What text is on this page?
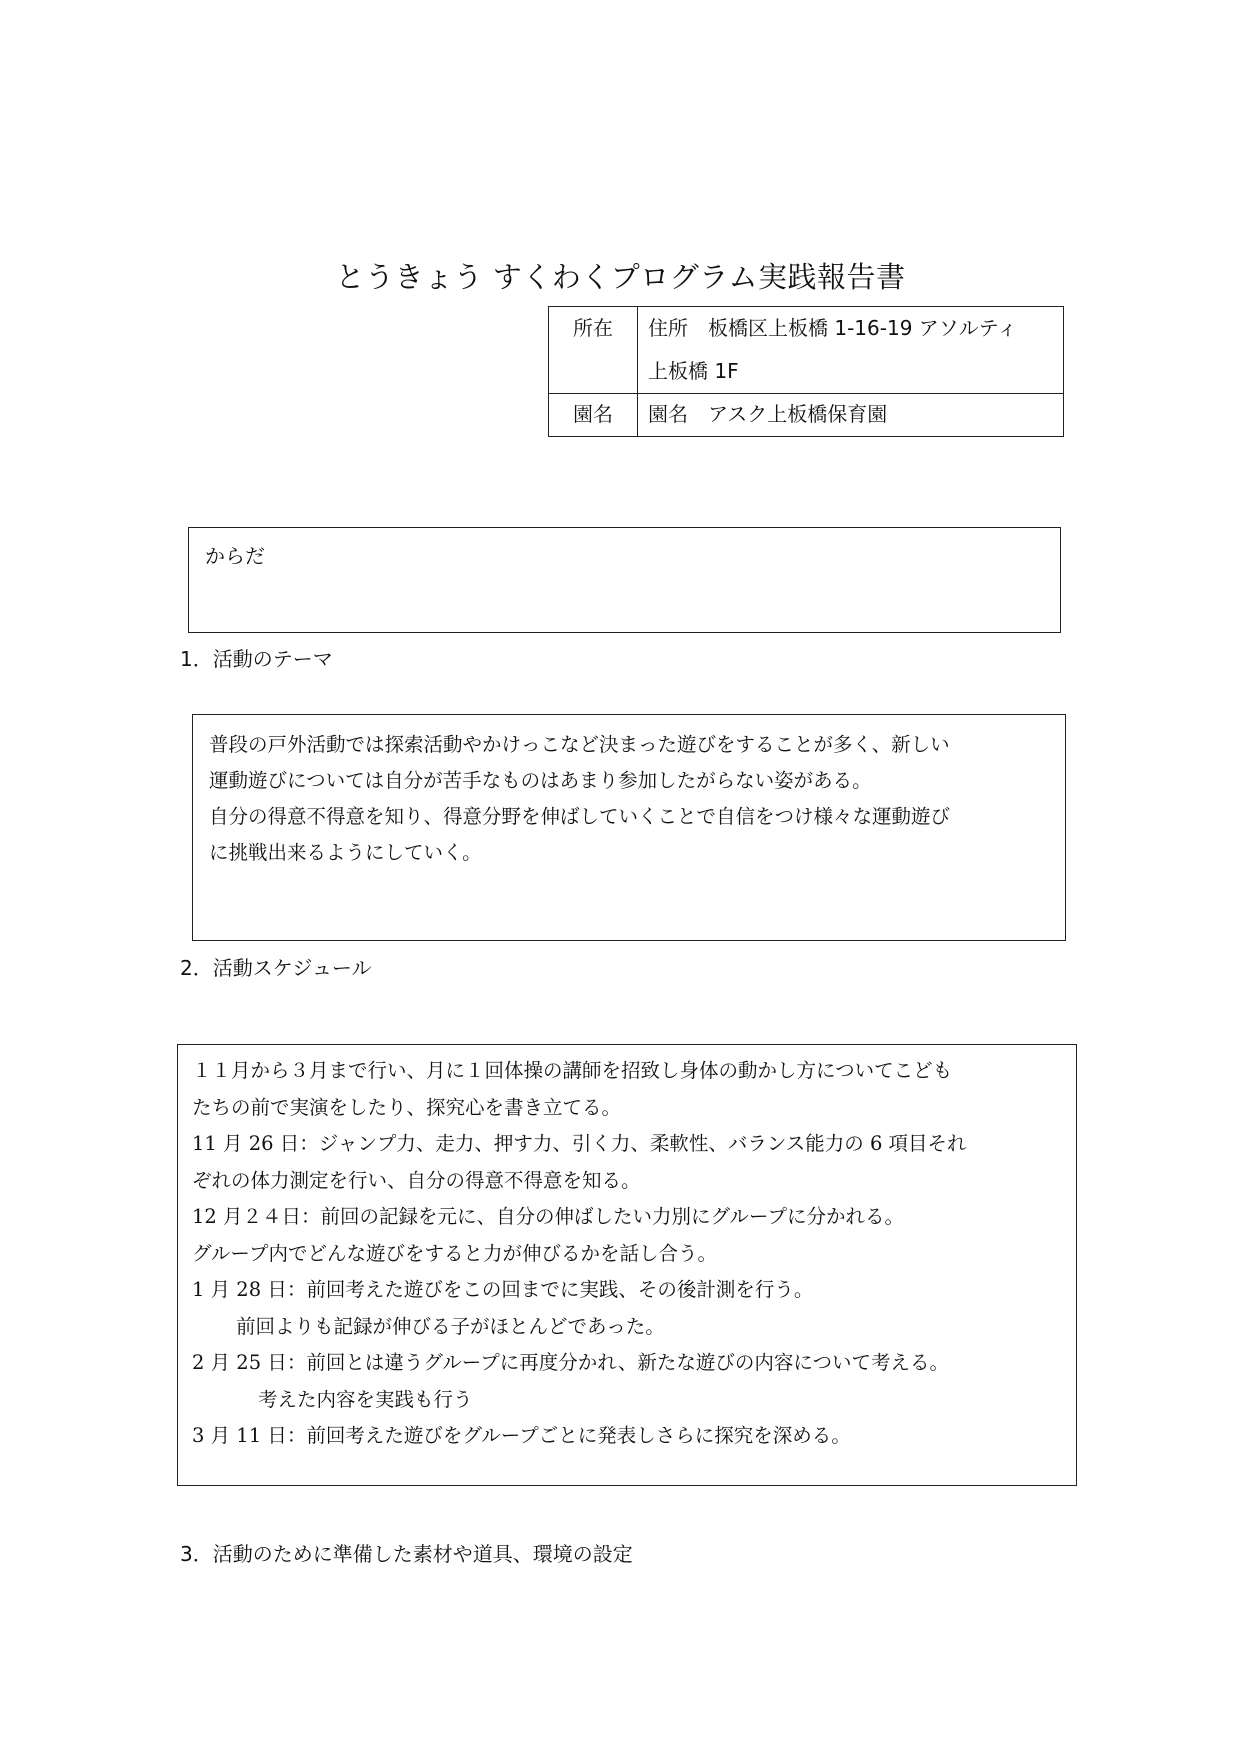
とうきょう すくわくプログラム実践報告書
所在	住所　板橋区上板橋 1-16-19 アソルティ
上板橋 1F

園名	園名　アスク上板橋保育園
からだ
1．活動のテーマ
普段の戸外活動では探索活動やかけっこなど決まった遊びをすることが多く、新しい
運動遊びについては自分が苦手なものはあまり参加したがらない姿がある。
自分の得意不得意を知り、得意分野を伸ばしていくことで自信をつけ様々な運動遊び
に挑戦出来るようにしていく。
2．活動スケジュール
１１月から３月まで行い、月に１回体操の講師を招致し身体の動かし方についてこども
たちの前で実演をしたり、探究心を書き立てる。
11 月 26 日：ジャンプ力、走力、押す力、引く力、柔軟性、バランス能力の 6 項目それ
ぞれの体力測定を行い、自分の得意不得意を知る。
12 月２４日：前回の記録を元に、自分の伸ばしたい力別にグループに分かれる。
グループ内でどんな遊びをすると力が伸びるかを話し合う。
1 月 28 日：前回考えた遊びをこの回までに実践、その後計測を行う。
前回よりも記録が伸びる子がほとんどであった。
2 月 25 日：前回とは違うグループに再度分かれ、新たな遊びの内容について考える。
考えた内容を実践も行う
3 月 11 日：前回考えた遊びをグループごとに発表しさらに探究を深める。
3．活動のために準備した素材や道具、環境の設定
